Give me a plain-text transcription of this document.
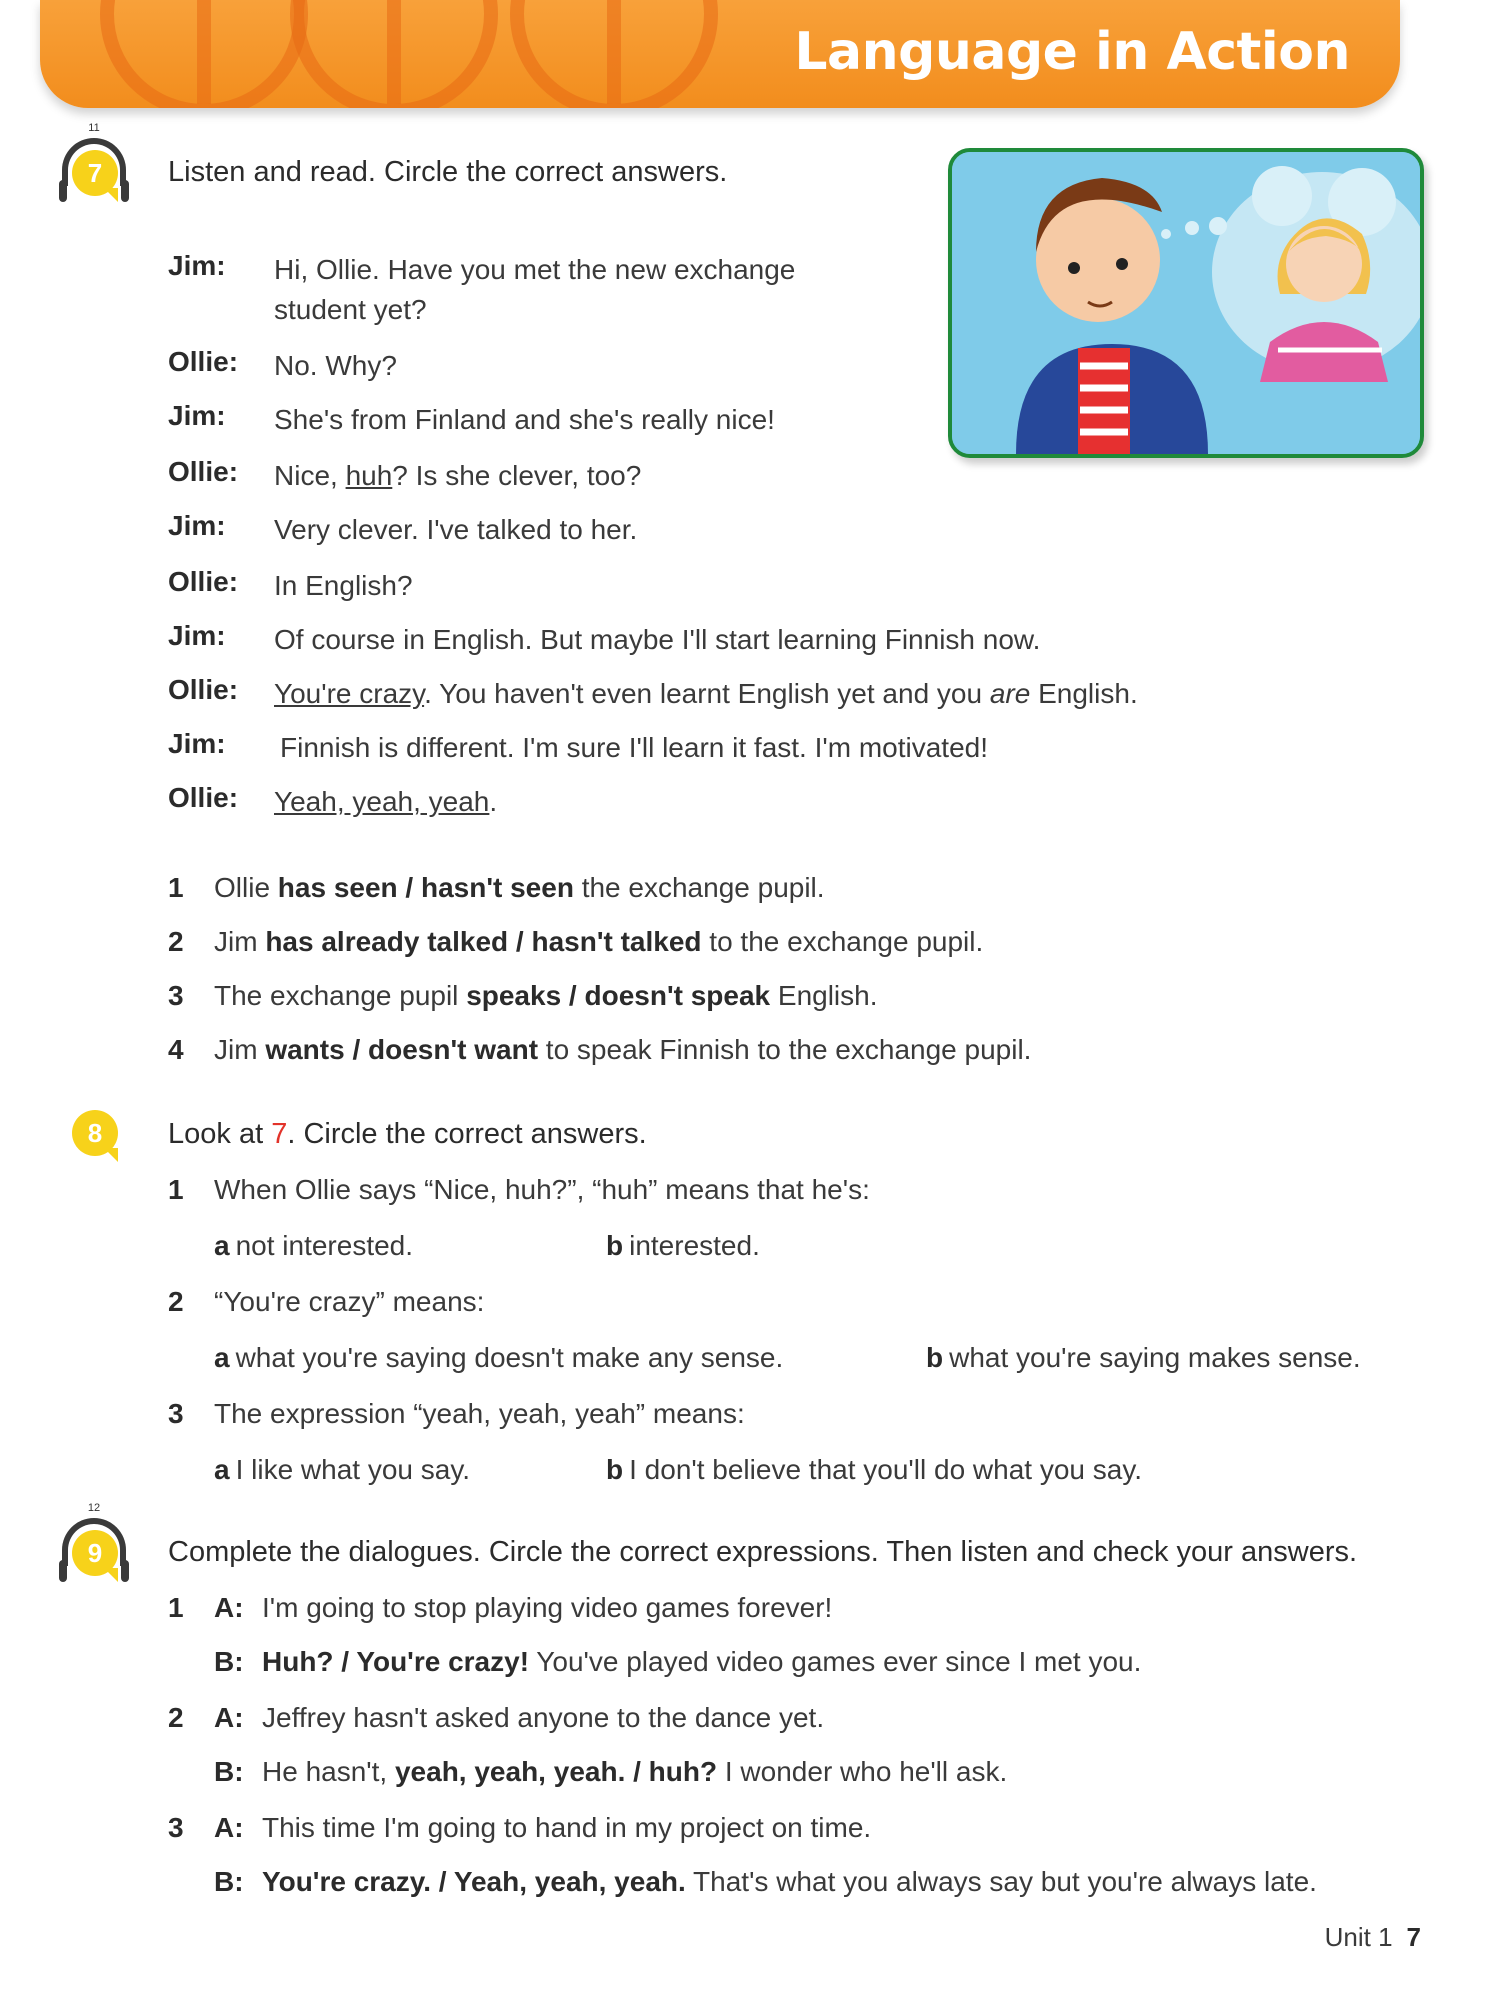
Language in Action
11
7	Listen and read. Circle the correct answers.
Jim: Hi, Ollie. Have you met the new exchange student yet?
Ollie: No. Why?
Jim: She's from Finland and she's really nice!
Ollie: Nice, huh? Is she clever, too?
Jim: Very clever. I've talked to her.
Ollie: In English?
Jim: Of course in English. But maybe I'll start learning Finnish now.
Ollie: You're crazy. You haven't even learnt English yet and you are English.
Jim: Finnish is different. I'm sure I'll learn it fast. I'm motivated!
Ollie: Yeah, yeah, yeah.
1 Ollie has seen / hasn't seen the exchange pupil.
2 Jim has already talked / hasn't talked to the exchange pupil.
3 The exchange pupil speaks / doesn't speak English.
4 Jim wants / doesn't want to speak Finnish to the exchange pupil.
8	Look at 7. Circle the correct answers.
1 When Ollie says “Nice, huh?”, “huh” means that he's:
a not interested.	b interested.
2 “You're crazy” means:
a what you're saying doesn't make any sense.	b what you're saying makes sense.
3 The expression “yeah, yeah, yeah” means:
a I like what you say.	b I don't believe that you'll do what you say.
12
9	Complete the dialogues. Circle the correct expressions. Then listen and check your answers.
1 A: I'm going to stop playing video games forever!
B: Huh? / You're crazy! You've played video games ever since I met you.
2 A: Jeffrey hasn't asked anyone to the dance yet.
B: He hasn't, yeah, yeah, yeah. / huh? I wonder who he'll ask.
3 A: This time I'm going to hand in my project on time.
B: You're crazy. / Yeah, yeah, yeah. That's what you always say but you're always late.
Unit 1 7
